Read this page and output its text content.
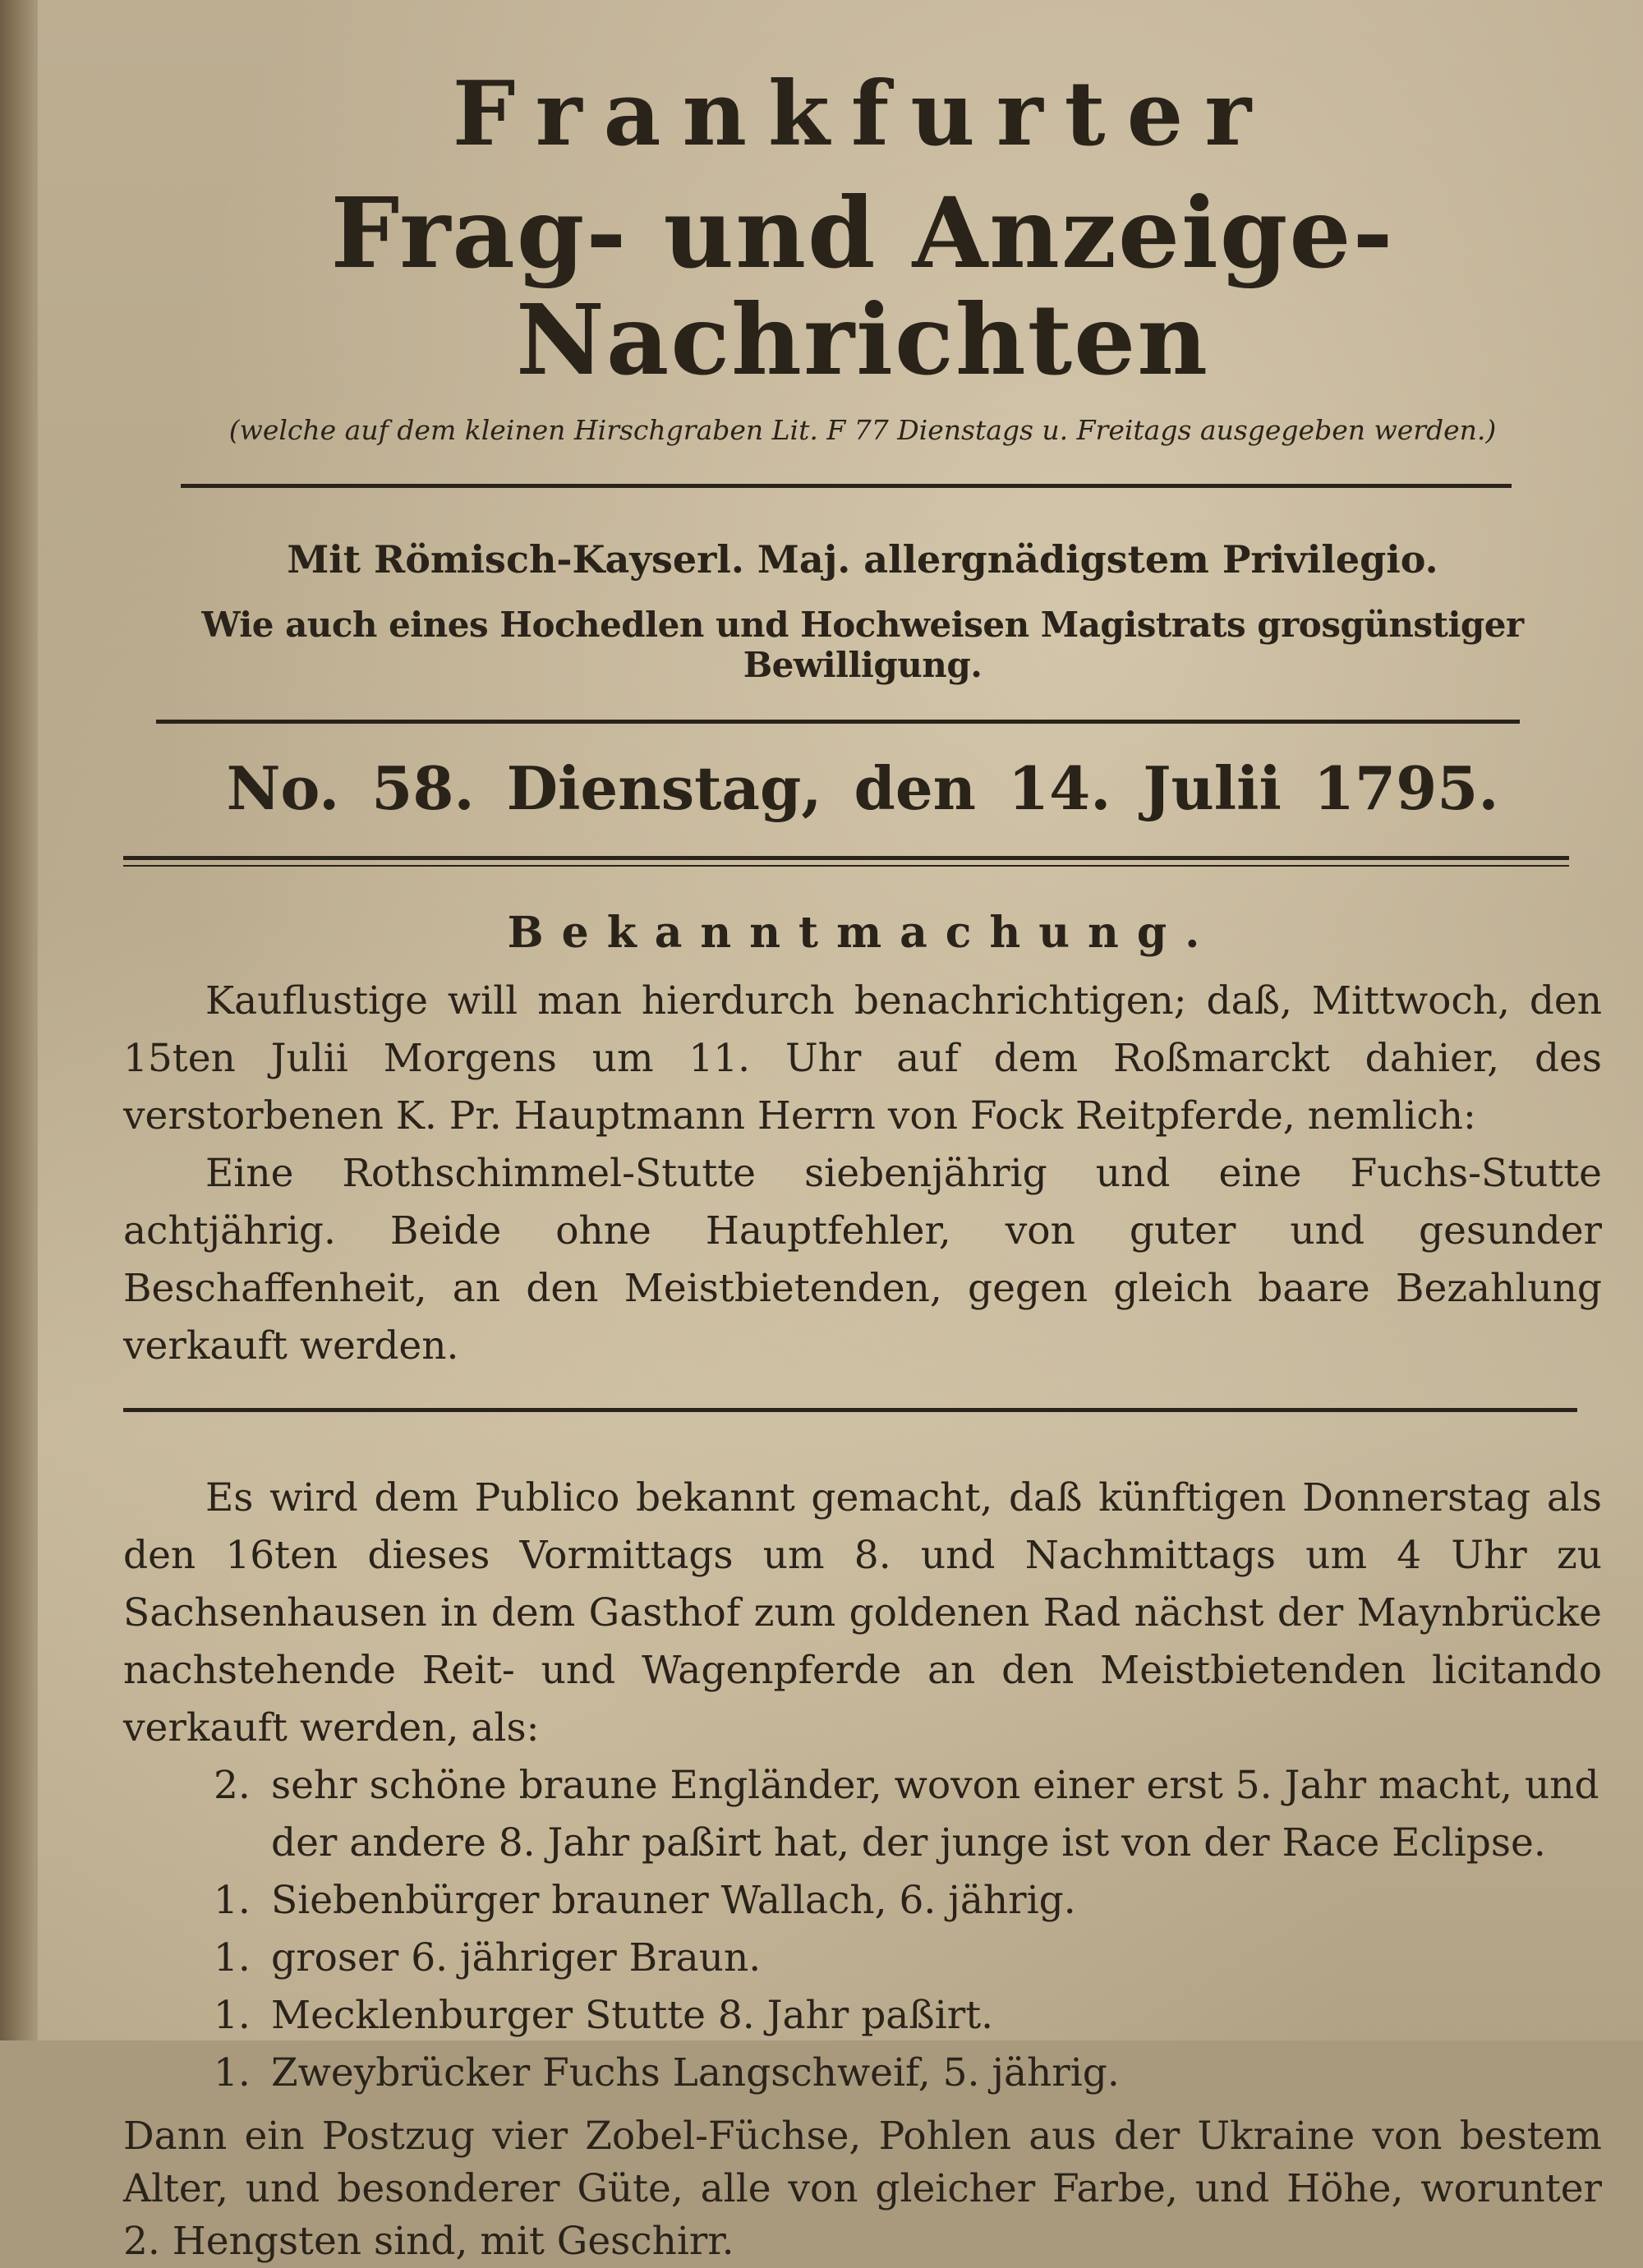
Frankfurter
Frag- und Anzeige-Nachrichten
(welche auf dem kleinen Hirschgraben Lit. F 77 Dienstags u. Freitags ausgegeben werden.)
Mit Römisch-Kayserl. Maj. allergnädigstem Privilegio.
Wie auch eines Hochedlen und Hochweisen Magistrats grosgünstiger Bewilligung.
No. 58. Dienstag, den 14. Julii 1795.
Bekanntmachung.
Kauflustige will man hierdurch benachrichtigen; daß, Mittwoch, den 15ten Julii Morgens um 11. Uhr auf dem Roßmarckt dahier, des verstorbenen K. Pr. Hauptmann Herrn von Fock Reitpferde, nemlich:
Eine Rothschimmel-Stutte siebenjährig und eine Fuchs-Stutte achtjährig. Beide ohne Hauptfehler, von guter und gesunder Beschaffenheit, an den Meistbietenden, gegen gleich baare Bezahlung verkauft werden.
Es wird dem Publico bekannt gemacht, daß künftigen Donnerstag als den 16ten dieses Vormittags um 8. und Nachmittags um 4 Uhr zu Sachsenhausen in dem Gasthof zum goldenen Rad nächst der Maynbrücke nachstehende Reit- und Wagenpferde an den Meistbietenden licitando verkauft werden, als:
2. sehr schöne braune Engländer, wovon einer erst 5. Jahr macht, und
der andere 8. Jahr paßirt hat, der junge ist von der Race Eclipse.
1. Siebenbürger brauner Wallach, 6. jährig.
1. groser 6. jähriger Braun.
1. Mecklenburger Stutte 8. Jahr paßirt.
1. Zweybrücker Fuchs Langschweif, 5. jährig.
Dann ein Postzug vier Zobel-Füchse, Pohlen aus der Ukraine von bestem Alter, und besonderer Güte, alle von gleicher Farbe, und Höhe, worunter 2. Hengsten sind, mit Geschirr.
